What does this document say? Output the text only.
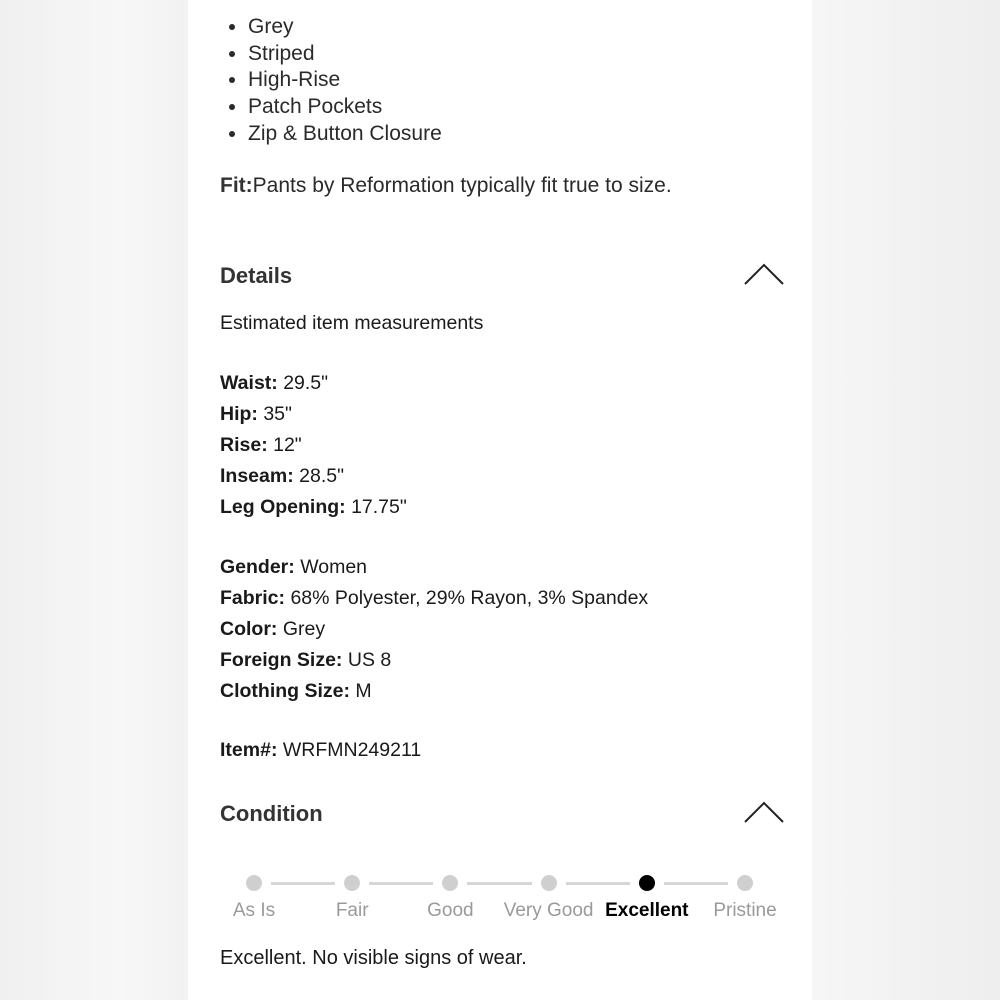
• Grey
• Striped
• High-Rise
• Patch Pockets
• Zip & Button Closure
Fit:Pants by Reformation typically fit true to size.
Details
Estimated item measurements
Waist: 29.5"
Hip: 35"
Rise: 12"
Inseam: 28.5"
Leg Opening: 17.75"
Gender: Women
Fabric: 68% Polyester, 29% Rayon, 3% Spandex
Color: Grey
Foreign Size: US 8
Clothing Size: M
Item#: WRFMN249211
Condition
As Is	Fair	Good	Very Good Excellent	Pristine
Excellent. No visible signs of wear.
